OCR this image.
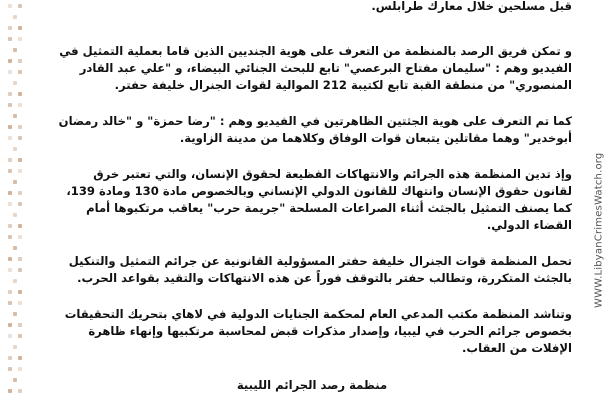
قبل مسلحين خلال معارك طرابلس.

و تمكن فريق الرصد بالمنظمة من التعرف على هوية الجنديين الذين قاما بعملية التمثيل في الفيديو وهم : "سليمان مفتاح البرعصي" تابع للبحث الجنائي البيضاء، و "علي عبد القادر المنصوري" من منطقة القبة تابع لكتيبة 212 الموالية لقوات الجنرال خليفة حفتر.

كما تم التعرف على هوية الجثتين الظاهرتين في الفيديو وهم : "رضا حمزة" و "خالد رمضان أبوخدير" وهما مقاتلين يتبعان قوات الوفاق وكلاهما من مدينة الزاوية.

وإذ تدين المنظمة هذه الجرائم والانتهاكات الفظيعة لحقوق الإنسان، والتي تعتبر خرق لقانون حقوق الإنسان وانتهاك للقانون الدولي الإنساني وبالخصوص مادة 130 ومادة 139، كما يصنف التمثيل بالجثث أثناء الصراعات المسلحة "جريمة حرب" يعاقب مرتكبوها أمام القضاء الدولي.

تحمل المنظمة قوات الجنرال خليفة حفتر المسؤولية القانونية عن جرائم التمثيل والتنكيل بالجثث المتكررة، وتطالب حفتر بالتوقف فوراً عن هذه الانتهاكات والتقيد بقواعد الحرب.

وتناشد المنظمة مكتب المدعي العام لمحكمة الجنايات الدولية في لاهاي بتحريك التحقيقات بخصوص جرائم الحرب في ليبيا، وإصدار مذكرات قبض لمحاسبة مرتكبيها وإنهاء ظاهرة الإفلات من العقاب.

منظمة رصد الجرائم الليبية
WWW.LibyanCrimesWatch.org
